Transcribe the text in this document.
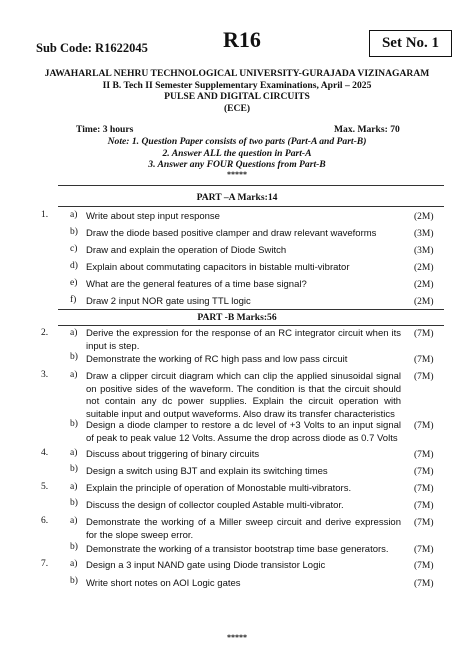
Sub Code: R1622045	R16	Set No. 1
JAWAHARLAL NEHRU TECHNOLOGICAL UNIVERSITY-GURAJADA VIZINAGARAM
II B. Tech II Semester Supplementary Examinations, April – 2025
PULSE AND DIGITAL CIRCUITS
(ECE)
Time: 3 hours	Max. Marks: 70
Note: 1. Question Paper consists of two parts (Part-A and Part-B)
2. Answer ALL the question in Part-A
3. Answer any FOUR Questions from Part-B
*****
PART –A Marks:14
1.	a) Write about step input response	(2M)
b) Draw the diode based positive clamper and draw relevant waveforms	(3M)
c) Draw and explain the operation of Diode Switch	(3M)
d) Explain about commutating capacitors in bistable multi-vibrator	(2M)
e) What are the general features of a time base signal?	(2M)
f) Draw 2 input NOR gate using TTL logic	(2M)
PART -B Marks:56
2.	a) Derive the expression for the response of an RC integrator circuit when its input is step.
(7M)
b) Demonstrate the working of RC high pass and low pass circuit	(7M)
3.	a) Draw a clipper circuit diagram which can clip the applied sinusoidal signal on positive sides of the waveform. The condition is that the circuit should not contain any dc power supplies. Explain the circuit operation with suitable input and output waveforms. Also draw its transfer characteristics
(7M)
b) Design a diode clamper to restore a dc level of +3 Volts to an input signal of peak to peak value 12 Volts. Assume the drop across diode as 0.7 Volts
(7M)
4.	a) Discuss about triggering of binary circuits	(7M)
b) Design a switch using BJT and explain its switching times	(7M)
5.	a) Explain the principle of operation of Monostable multi-vibrators.	(7M)
b) Discuss the design of collector coupled Astable multi-vibrator.	(7M)
6.	a) Demonstrate the working of a Miller sweep circuit and derive expression for the slope sweep error.
(7M)
b) Demonstrate the working of a transistor bootstrap time base generators.	(7M)
7.	a) Design a 3 input NAND gate using Diode transistor Logic	(7M)
b) Write short notes on AOI Logic gates	(7M)
*****
